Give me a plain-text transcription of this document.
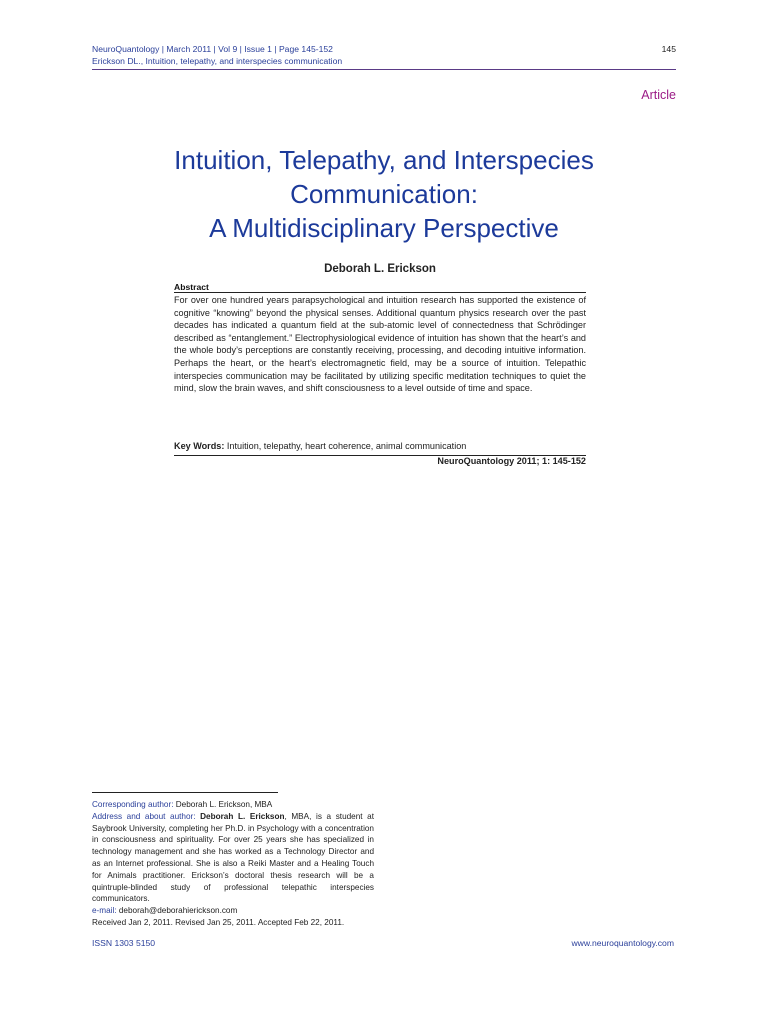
NeuroQuantology | March 2011 | Vol 9 | Issue 1 | Page 145-152
Erickson DL., Intuition, telepathy, and interspecies communication
145
Article
Intuition, Telepathy, and Interspecies
Communication:
A Multidisciplinary Perspective
Deborah L. Erickson
Abstract
For over one hundred years parapsychological and intuition research has supported the existence of cognitive “knowing” beyond the physical senses. Additional quantum physics research over the past decades has indicated a quantum field at the sub-atomic level of connectedness that Schrödinger described as “entanglement.” Electrophysiological evidence of intuition has shown that the heart’s and the whole body’s perceptions are constantly receiving, processing, and decoding intuitive information. Perhaps the heart, or the heart’s electromagnetic field, may be a source of intuition. Telepathic interspecies communication may be facilitated by utilizing specific meditation techniques to quiet the mind, slow the brain waves, and shift consciousness to a level outside of time and space.
Key Words: Intuition, telepathy, heart coherence, animal communication
NeuroQuantology 2011; 1: 145-152
Corresponding author: Deborah L. Erickson, MBA
Address and about author: Deborah L. Erickson, MBA, is a student at Saybrook University, completing her Ph.D. in Psychology with a concentration in consciousness and spirituality. For over 25 years she has specialized in technology management and she has worked as a Technology Director and as an Internet professional. She is also a Reiki Master and a Healing Touch for Animals practitioner. Erickson’s doctoral thesis research will be a quintruple-blinded study of professional telepathic interspecies communicators.
e-mail: deborah@deborahierickson.com
Received Jan 2, 2011. Revised Jan 25, 2011. Accepted Feb 22, 2011.
ISSN 1303 5150	www.neuroquantology.com
